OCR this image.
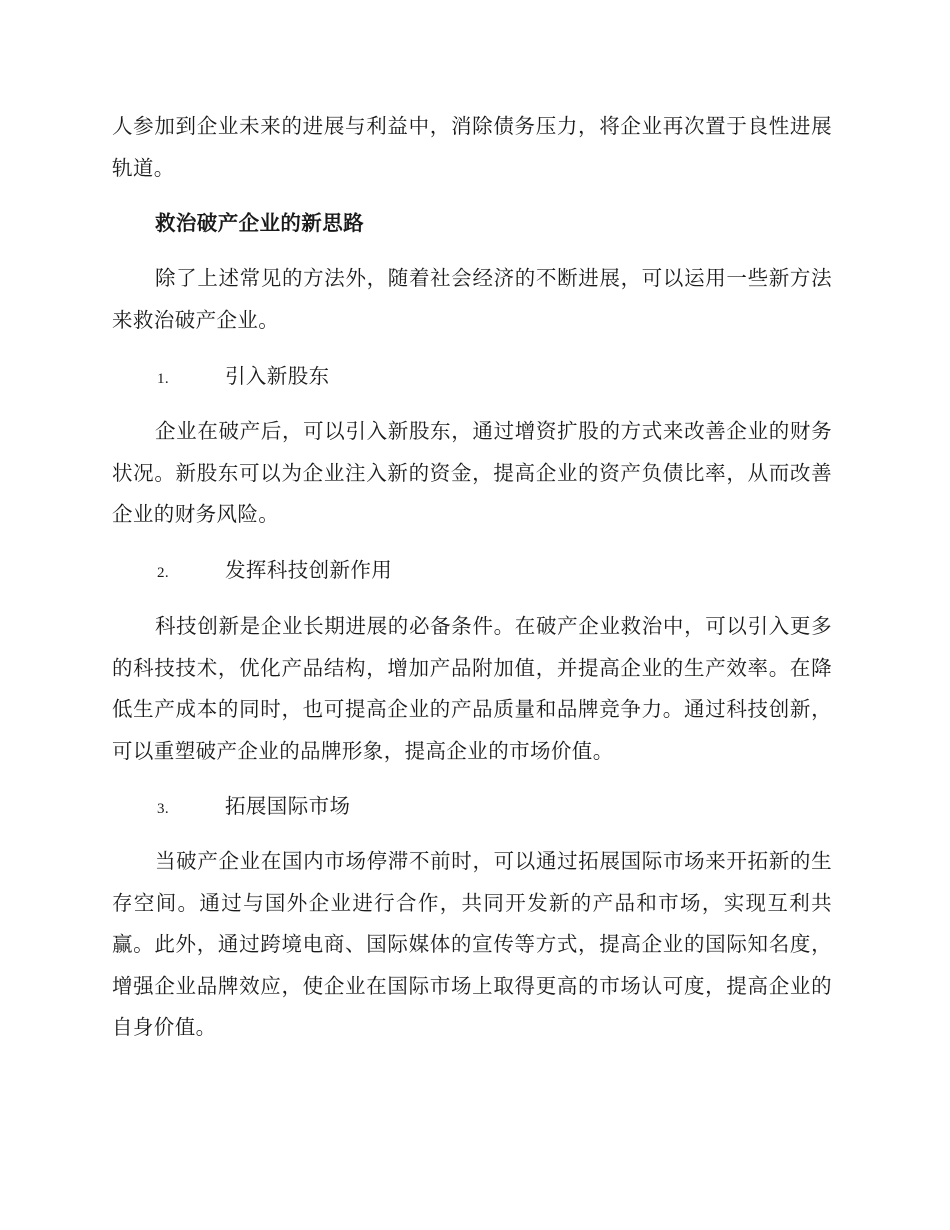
人参加到企业未来的进展与利益中，消除债务压力，将企业再次置于良性进展轨道。

救治破产企业的新思路

除了上述常见的方法外，随着社会经济的不断进展，可以运用一些新方法来救治破产企业。

1.	引入新股东

企业在破产后，可以引入新股东，通过增资扩股的方式来改善企业的财务状况。新股东可以为企业注入新的资金，提高企业的资产负债比率，从而改善企业的财务风险。

2.	发挥科技创新作用

科技创新是企业长期进展的必备条件。在破产企业救治中，可以引入更多的科技技术，优化产品结构，增加产品附加值，并提高企业的生产效率。在降低生产成本的同时，也可提高企业的产品质量和品牌竞争力。通过科技创新，可以重塑破产企业的品牌形象，提高企业的市场价值。

3.	拓展国际市场

当破产企业在国内市场停滞不前时，可以通过拓展国际市场来开拓新的生存空间。通过与国外企业进行合作，共同开发新的产品和市场，实现互利共赢。此外，通过跨境电商、国际媒体的宣传等方式，提高企业的国际知名度，增强企业品牌效应，使企业在国际市场上取得更高的市场认可度，提高企业的自身价值。
